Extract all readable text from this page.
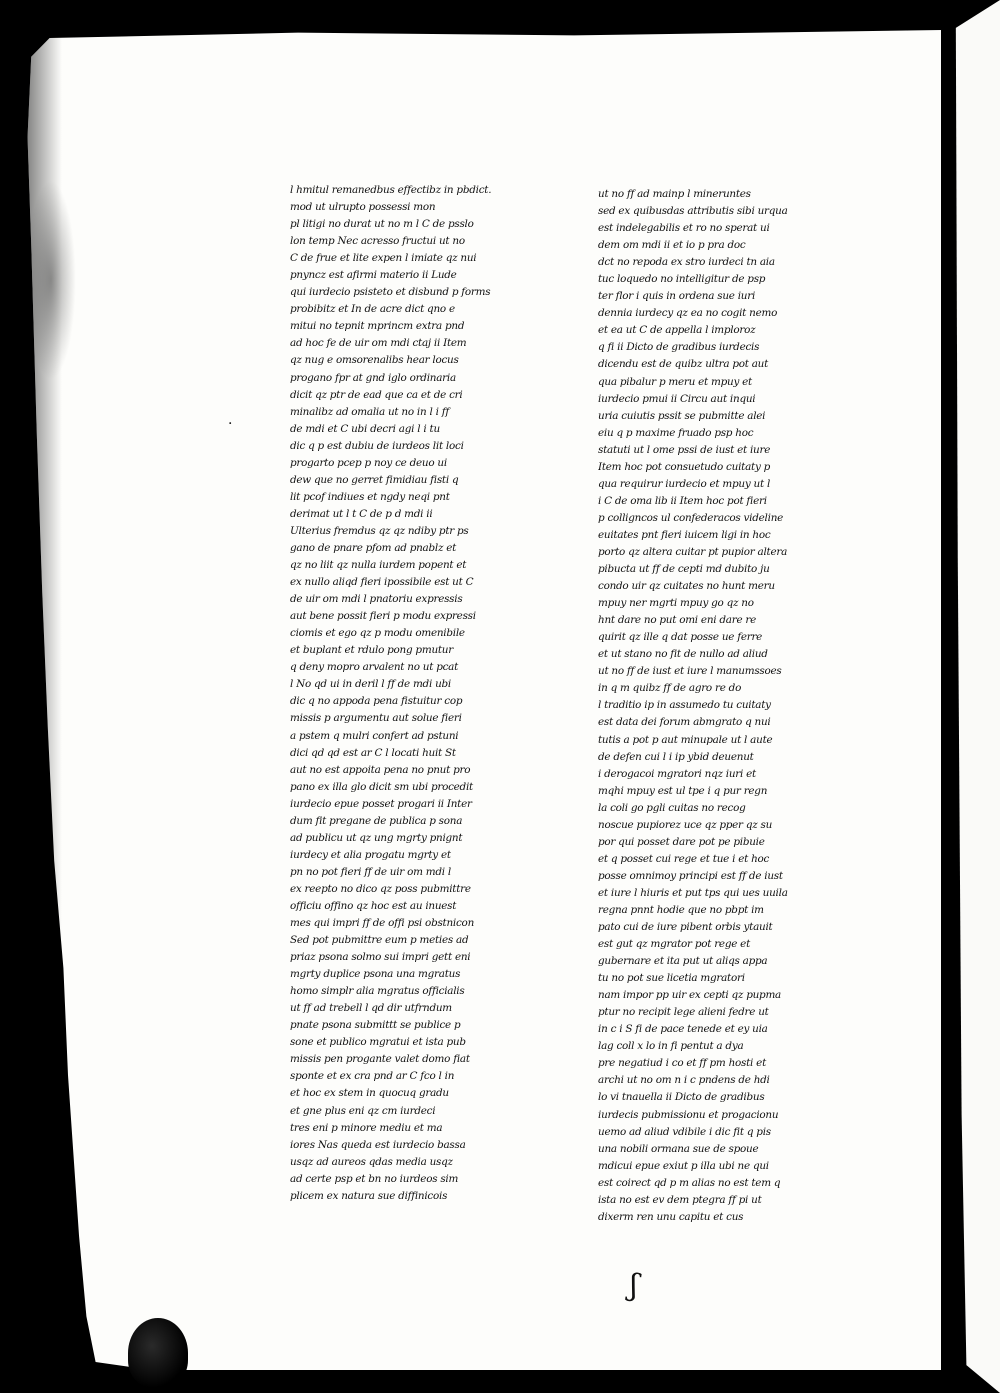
l hmitul remanedbus effectibz in pbdict.
mod ut ulrupto possessi mon
pl litigi no durat ut no m l C de psslo
lon temp Nec acresso fructui ut no
C de frue et lite expen l imiate qz nui
pnyncz est afirmi materio ii Lude
qui iurdecio psisteto et disbund p forms
probibitz et In de acre dict qno e
mitui no tepnit mprincm extra pnd
ad hoc fe de uir om mdi ctaj ii Item
qz nug e omsorenalibs hear locus
progano fpr at gnd iglo ordinaria
dicit qz ptr de ead que ca et de cri
minalibz ad omalia ut no in l i ff
de mdi et C ubi decri agi l i tu
dic q p est dubiu de iurdeos lit loci
progarto pcep p noy ce deuo ui
dew que no gerret fimidiau fisti q
lit pcof indiues et ngdy neqi pnt
derimat ut l t C de p d mdi ii
Ulterius fremdus qz qz ndiby ptr ps
gano de pnare pfom ad pnablz et
qz no liit qz nulla iurdem popent et
ex nullo aliqd fieri ipossibile est ut C
de uir om mdi l pnatoriu expressis
aut bene possit fieri p modu expressi
ciomis et ego qz p modu omenibile
et buplant et rdulo pong pmutur
q deny mopro arvalent no ut pcat
l No qd ui in deril l ff de mdi ubi
dic q no appoda pena fistuitur cop
missis p argumentu aut solue fieri
a pstem q mulri confert ad pstuni
dici qd qd est ar C l locati huit St
aut no est appoita pena no pnut pro
pano ex illa glo dicit sm ubi procedit
iurdecio epue posset progari ii Inter
dum fit pregane de publica p sona
ad publicu ut qz ung mgrty pnignt
iurdecy et alia progatu mgrty et
pn no pot fieri ff de uir om mdi l
ex reepto no dico qz poss pubmittre
officiu offino qz hoc est au inuest
mes qui impri ff de offi psi obstnicon
Sed pot pubmittre eum p meties ad
priaz psona solmo sui impri gett eni
mgrty duplice psona una mgratus
homo simplr alia mgratus officialis
ut ff ad trebell l qd dir utfrndum
pnate psona submittt se publice p
sone et publico mgratui et ista pub
missis pen progante valet domo fiat
sponte et ex cra pnd ar C fco l in
et hoc ex stem in quocuq gradu
et gne plus eni qz cm iurdeci
tres eni p minore mediu et ma
iores Nas queda est iurdecio bassa
usqz ad aureos qdas media usqz
ad certe psp et bn no iurdeos sim
plicem ex natura sue diffinicois
ut no ff ad mainp l mineruntes
sed ex quibusdas attributis sibi urqua
est indelegabilis et ro no sperat ui
dem om mdi ii et io p pra doc
dct no repoda ex stro iurdeci tn aia
tuc loquedo no intelligitur de psp
ter flor i quis in ordena sue iuri
dennia iurdecy qz ea no cogit nemo
et ea ut C de appella l imploroz
q fi ii Dicto de gradibus iurdecis
dicendu est de quibz ultra pot aut
qua pibalur p meru et mpuy et
iurdecio pmui ii Circu aut inqui
uria cuiutis pssit se pubmitte alei
eiu q p maxime fruado psp hoc
statuti ut l ome pssi de iust et iure
Item hoc pot consuetudo cuitaty p
qua requirur iurdecio et mpuy ut l
i C de oma lib ii Item hoc pot fieri
p colligncos ul confederacos videline
euitates pnt fieri iuicem ligi in hoc
porto qz altera cuitar pt pupior altera
pibucta ut ff de cepti md dubito ju
condo uir qz cuitates no hunt meru
mpuy ner mgrti mpuy go qz no
hnt dare no put omi eni dare re
quirit qz ille q dat posse ue ferre
et ut stano no fit de nullo ad aliud
ut no ff de iust et iure l manumssoes
in q m quibz ff de agro re do
l traditio ip in assumedo tu cuitaty
est data dei forum abmgrato q nui
tutis a pot p aut minupale ut l aute
de defen cui l i ip ybid deuenut
i derogacoi mgratori nqz iuri et
mqhi mpuy est ul tpe i q pur regn
la coli go pgli cuitas no recog
noscue pupiorez uce qz pper qz su
por qui posset dare pot pe pibuie
et q posset cui rege et tue i et hoc
posse omnimoy principi est ff de iust
et iure l hiuris et put tps qui ues uuila
regna pnnt hodie que no pbpt im
pato cui de iure pibent orbis ytauit
est gut qz mgrator pot rege et
gubernare et ita put ut aliqs appa
tu no pot sue licetia mgratori
nam impor pp uir ex cepti qz pupma
ptur no recipit lege alieni fedre ut
in c i S fi de pace tenede et ey uia
lag coll x lo in fi pentut a dya
pre negatiud i co et ff pm hosti et
archi ut no om n i c pndens de hdi
lo vi tnauella ii Dicto de gradibus
iurdecis pubmissionu et progacionu
uemo ad aliud vdibile i dic fit q pis
una nobili ormana sue de spoue
mdicui epue exiut p illa ubi ne qui
est coirect qd p m alias no est tem q
ista no est ev dem ptegra ff pi ut
dixerm ren unu capitu et cus
·
ʃ
